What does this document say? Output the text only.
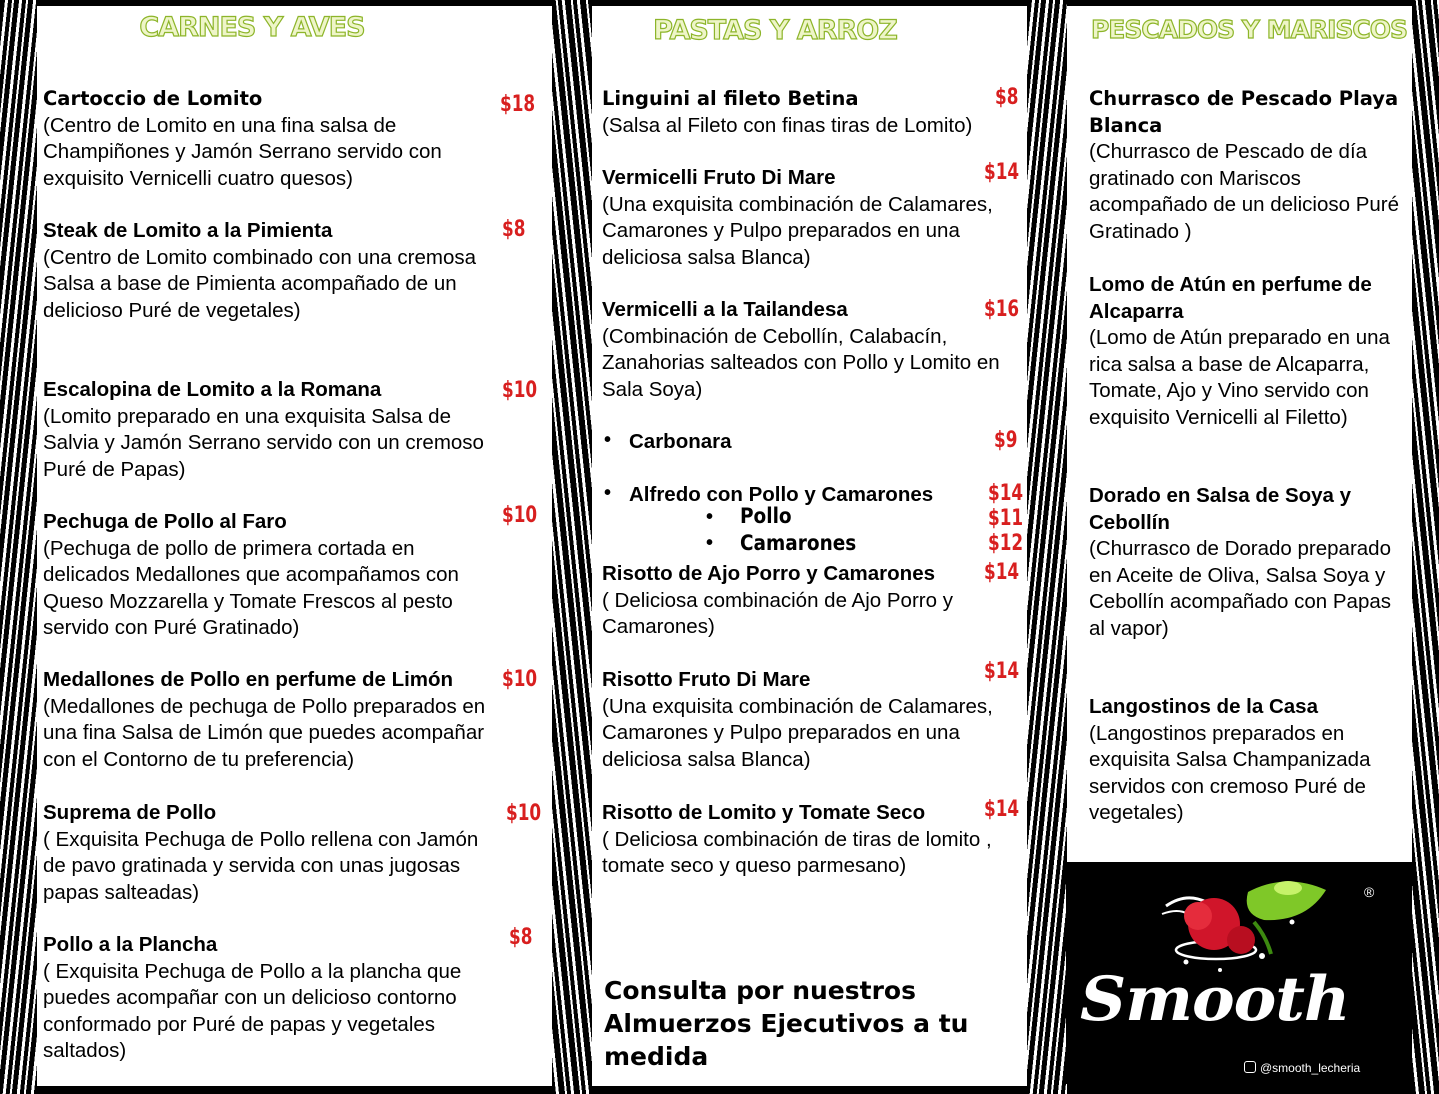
CARNES Y AVES
Cartoccio de Lomito
(Centro de Lomito en una fina salsa de Champiñones y Jamón Serrano servido con exquisito Vernicelli cuatro quesos)
$18
Steak de Lomito a la Pimienta
(Centro de Lomito combinado con una cremosa Salsa a base de Pimienta acompañado de un delicioso Puré de vegetales)
$8
Escalopina de Lomito a la Romana
(Lomito preparado en una exquisita Salsa de Salvia y Jamón Serrano servido con un cremoso Puré de Papas)
$10
Pechuga de Pollo al Faro
(Pechuga de pollo de primera cortada en delicados Medallones que acompañamos con Queso Mozzarella y Tomate Frescos al pesto servido con Puré Gratinado)
$10
Medallones de Pollo en perfume de Limón
(Medallones de pechuga de Pollo preparados en una fina Salsa de Limón que puedes acompañar con el Contorno de tu preferencia)
$10
Suprema de Pollo
( Exquisita Pechuga de Pollo rellena con Jamón de pavo gratinada y servida con unas jugosas papas salteadas)
$10
Pollo a la Plancha
( Exquisita Pechuga de Pollo a la plancha que puedes acompañar con un delicioso contorno conformado por Puré de papas y vegetales saltados)
$8
PASTAS Y ARROZ
Linguini al fileto Betina
(Salsa al Fileto con finas tiras de Lomito)
$8
Vermicelli Fruto Di Mare
(Una exquisita combinación de Calamares, Camarones y Pulpo preparados en una deliciosa salsa Blanca)
$14
Vermicelli a la Tailandesa
(Combinación de Cebollín, Calabacín, Zanahorias salteados con Pollo y Lomito en Sala Soya)
$16
• Carbonara	$9
• Alfredo con Pollo y Camarones $14
• Pollo	$11
• Camarones	$12
Risotto de Ajo Porro y Camarones
( Deliciosa combinación de Ajo Porro y Camarones)
$14
Risotto Fruto Di Mare
(Una exquisita combinación de Calamares, Camarones y Pulpo preparados en una deliciosa salsa Blanca)
$14
Risotto de Lomito y Tomate Seco
( Deliciosa combinación de tiras de lomito , tomate seco y queso parmesano)
$14
Consulta por nuestros Almuerzos Ejecutivos a tu medida
PESCADOS Y MARISCOS
Churrasco de Pescado Playa Blanca
(Churrasco de Pescado de día gratinado con Mariscos acompañado de un delicioso Puré Gratinado )
Lomo de Atún en perfume de Alcaparra
(Lomo de Atún preparado en una rica salsa a base de Alcaparra, Tomate, Ajo y Vino servido con exquisito Vernicelli al Filetto)
Dorado en Salsa de Soya y Cebollín
(Churrasco de Dorado preparado en Aceite de Oliva, Salsa Soya y Cebollín acompañado con Papas al vapor)
Langostinos de la Casa
(Langostinos preparados en exquisita Salsa Champanizada servidos con cremoso Puré de vegetales)
®
Smooth
@smooth_lecheria
